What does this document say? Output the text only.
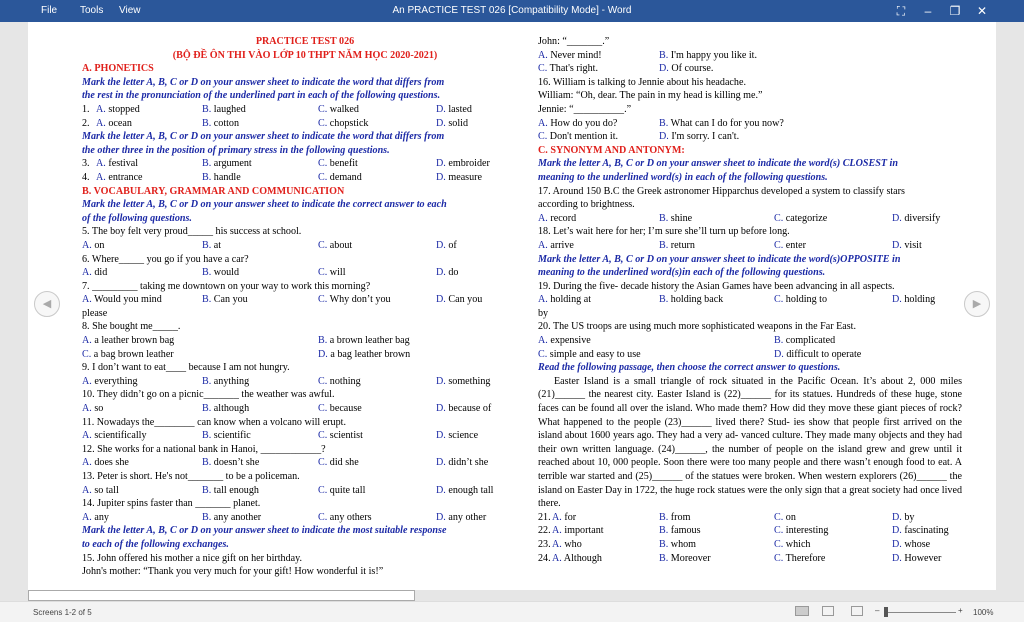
File Tools View	An PRACTICE TEST 026 [Compatibility Mode] - Word	⛶	–	❐	✕
PRACTICE TEST 026
(BỘ ĐỀ ÔN THI VÀO LỚP 10 THPT NĂM HỌC 2020-2021)
A. PHONETICS
Mark the letter A, B, C or D on your answer sheet to indicate the word that differs from
the rest in the pronunciation of the underlined part in each of the following questions.
1. A. stopped	B. laughed	C. walked	D. lasted
2. A. ocean	B. cotton	C. chopstick	D. solid
Mark the letter A, B, C or D on your answer sheet to indicate the word that differs from
the other three in the position of primary stress in the following questions.
3. A. festival	B. argument	C. benefit	D. embroider
4. A. entrance	B. handle	C. demand	D. measure
B. VOCABULARY, GRAMMAR AND COMMUNICATION
Mark the letter A, B, C or D on your answer sheet to indicate the correct answer to each
of the following questions.
5. The boy felt very proud_____ his success at school.
A. on	B. at	C. about	D. of
6. Where_____ you go if you have a car?
A. did	B. would	C. will	D. do
7. _________ taking me downtown on your way to work this morning?
A. Would you mind	B. Can you	C. Why don’t you	D. Can you
please
8. She bought me_____.
A. a leather brown bag	B. a brown leather bag
C. a bag brown leather	D. a bag leather brown
9. I don’t want to eat____ because I am not hungry.
A. everything	B. anything	C. nothing	D. something
10. They didn’t go on a picnic_______ the weather was awful.
A. so	B. although	C. because	D. because of
11. Nowadays the________ can know when a volcano will erupt.
A. scientifically	B. scientific	C. scientist	D. science
12. She works for a national bank in Hanoi, ____________?
A. does she	B. doesn’t she	C. did she	D. didn’t she
13. Peter is short. He's not_______ to be a policeman.
A. so tall	B. tall enough	C. quite tall	D. enough tall
14. Jupiter spins faster than _______ planet.
A. any	B. any another	C. any others	D. any other
Mark the letter A, B, C or D on your answer sheet to indicate the most suitable response
to each of the following exchanges.
15. John offered his mother a nice gift on her birthday.
John's mother: “Thank you very much for your gift! How wonderful it is!”
John: “_______.”
A. Never mind!	B. I'm happy you like it.
C. That's right.	D. Of course.
16. William is talking to Jennie about his headache.
William: “Oh, dear. The pain in my head is killing me.”
Jennie: “__________.”
A. How do you do?	B. What can I do for you now?
C. Don't mention it.	D. I'm sorry. I can't.
C. SYNONYM AND ANTONYM:
Mark the letter A, B, C or D on your answer sheet to indicate the word(s) CLOSEST in
meaning to the underlined word(s) in each of the following questions.
17. Around 150 B.C the Greek astronomer Hipparchus developed a system to classify stars
according to brightness.
A. record	B. shine	C. categorize	D. diversify
18. Let’s wait here for her; I’m sure she’ll turn up before long.
A. arrive	B. return	C. enter	D. visit
Mark the letter A, B, C or D on your answer sheet to indicate the word(s)OPPOSITE in
meaning to the underlined word(s)in each of the following questions.
19. During the five- decade history the Asian Games have been advancing in all aspects.
A. holding at	B. holding back	C. holding to	D. holding
by
20. The US troops are using much more sophisticated weapons in the Far East.
A. expensive	B. complicated
C. simple and easy to use	D. difficult to operate
Read the following passage, then choose the correct answer to questions.
Easter Island is a small triangle of rock situated in the Pacific Ocean. It’s about 2, 000 miles (21)______ the nearest city. Easter Island is (22)______ for its statues. Hundreds of these huge, stone faces can be found all over the island. Who made them? How did they move these giant pieces of rock? What happened to the people (23)______ lived there? Stud- ies show that people first arrived on the island about 1600 years ago. They had a very ad- vanced culture. They made many objects and they had their own written language. (24)______, the number of people on the island grew and grew until it reached about 10, 000 people. Soon there were too many people and there wasn’t enough food to eat. A terrible war started and (25)______ of the statues were broken. When western explorers (26)______ the island on Easter Day in 1722, the huge rock statues were the only sign that a great society had once lived there.
21. A. for	B. from	C. on	D. by
22. A. important	B. famous	C. interesting	D. fascinating
23. A. who	B. whom	C. which	D. whose
24. A. Although	B. Moreover	C. Therefore	D. However
◀	▶
Screens 1-2 of 5	–	+ 100%
